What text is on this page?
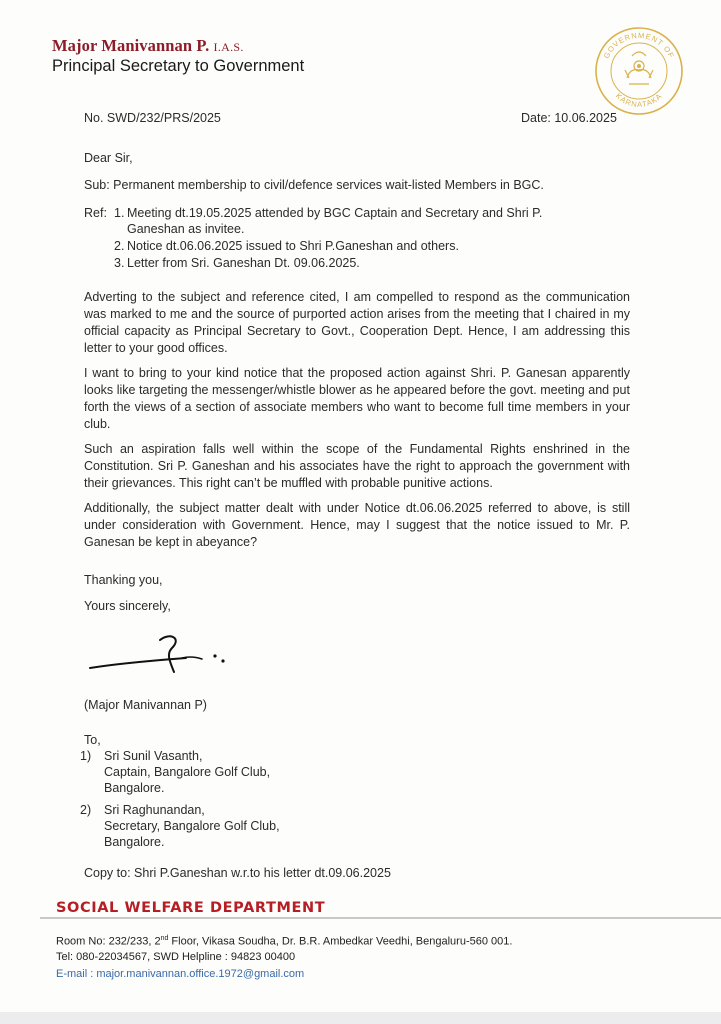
Major Manivannan P. I.A.S.
Principal Secretary to Government
GOVERNMENT OF
KARNATAKA
No. SWD/232/PRS/2025	Date: 10.06.2025
Dear Sir,
Sub: Permanent membership to civil/defence services wait-listed Members in BGC.
Ref: 1. Meeting dt.19.05.2025 attended by BGC Captain and Secretary and Shri P.
Ganeshan as invitee.
2. Notice dt.06.06.2025 issued to Shri P.Ganeshan and others.
3. Letter from Sri. Ganeshan Dt. 09.06.2025.
Adverting to the subject and reference cited, I am compelled to respond as the communication was marked to me and the source of purported action arises from the meeting that I chaired in my official capacity as Principal Secretary to Govt., Cooperation Dept. Hence, I am addressing this letter to your good offices.
I want to bring to your kind notice that the proposed action against Shri. P. Ganesan apparently looks like targeting the messenger/whistle blower as he appeared before the govt. meeting and put forth the views of a section of associate members who want to become full time members in your club.
Such an aspiration falls well within the scope of the Fundamental Rights enshrined in the Constitution. Sri P. Ganeshan and his associates have the right to approach the government with their grievances. This right can’t be muffled with probable punitive actions.
Additionally, the subject matter dealt with under Notice dt.06.06.2025 referred to above, is still under consideration with Government. Hence, may I suggest that the notice issued to Mr. P. Ganesan be kept in abeyance?
Thanking you,
Yours sincerely,
(Major Manivannan P)
To,
1) Sri Sunil Vasanth,
Captain, Bangalore Golf Club,
Bangalore.
2) Sri Raghunandan,
Secretary, Bangalore Golf Club,
Bangalore.
Copy to: Shri P.Ganeshan w.r.to his letter dt.09.06.2025
SOCIAL WELFARE DEPARTMENT
Room No: 232/233, 2nd Floor, Vikasa Soudha, Dr. B.R. Ambedkar Veedhi, Bengaluru-560 001.
Tel: 080-22034567, SWD Helpline : 94823 00400
E-mail : major.manivannan.office.1972@gmail.com
